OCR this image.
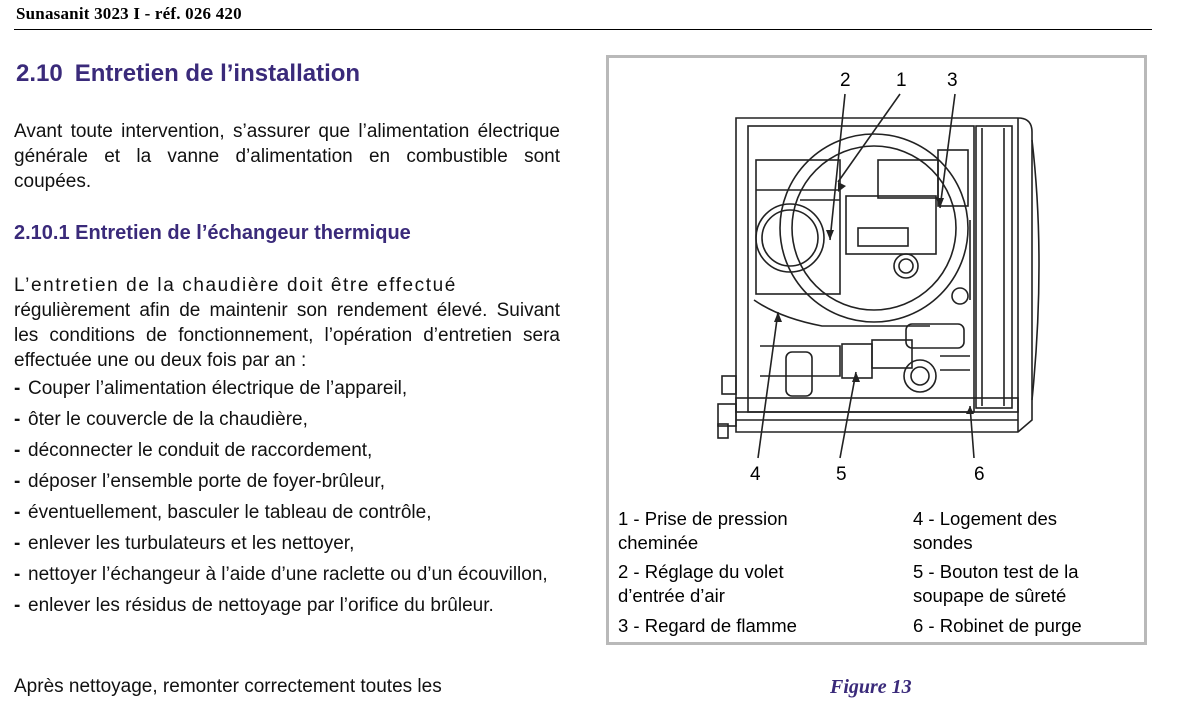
Sunasanit 3023 I - réf. 026 420
2.10 Entretien de l’installation

Avant toute intervention, s’assurer que l’alimentation électrique générale et la vanne d’alimentation en combustible sont coupées.

2.10.1 Entretien de l’échangeur thermique
L’entretien de la chaudière doit être effectué
régulièrement afin de maintenir son rendement élevé. Suivant les conditions de fonctionnement, l’opération d’entretien sera effectuée une ou deux fois par an :
- Couper l’alimentation électrique de l’appareil,
- ôter le couvercle de la chaudière,
- déconnecter le conduit de raccordement,
- déposer l’ensemble porte de foyer-brûleur,
- éventuellement, basculer le tableau de contrôle,
- enlever les turbulateurs et les nettoyer,
- nettoyer l’échangeur à l’aide d’une raclette ou d’un écouvillon,
- enlever les résidus de nettoyage par l’orifice du brûleur.

Après nettoyage, remonter correctement toutes les

2 1 3
4	5	6
1 - Prise de pression cheminée
2 - Réglage du volet d’entrée d’air
3 - Regard de flamme
4 - Logement des sondes
5 - Bouton test de la soupape de sûreté
6 - Robinet de purge
Figure 13
